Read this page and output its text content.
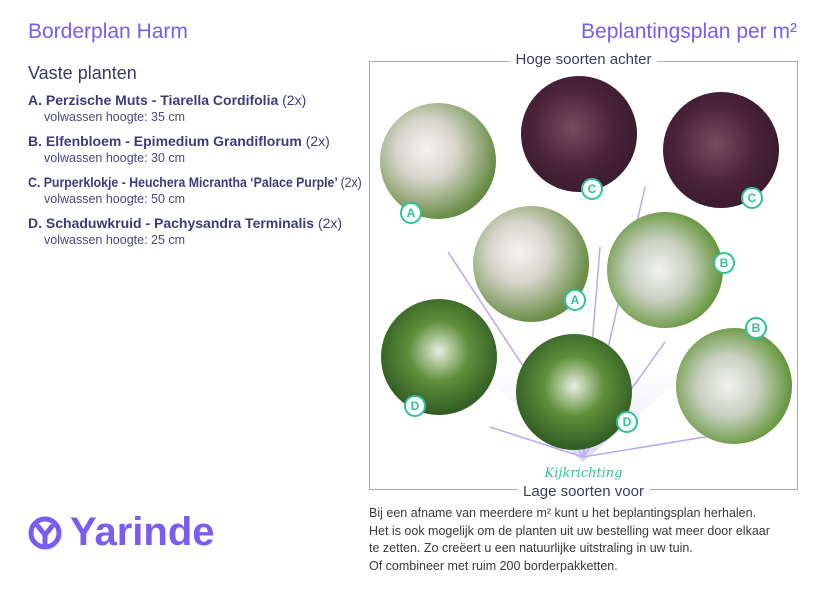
Borderplan Harm	Beplantingsplan per m²
Vaste planten
A. Perzische Muts - Tiarella Cordifolia (2x)
volwassen hoogte: 35 cm
B. Elfenbloem - Epimedium Grandiflorum (2x)
volwassen hoogte: 30 cm
C. Purperklokje - Heuchera Micrantha ‘Palace Purple’ (2x)
volwassen hoogte: 50 cm
D. Schaduwkruid - Pachysandra Terminalis (2x)
volwassen hoogte: 25 cm
A
C
C
A
B
D
D
B
Kijkrichting
Hoge soorten achter
Lage soorten voor
Bij een afname van meerdere m² kunt u het beplantingsplan herhalen.
Het is ook mogelijk om de planten uit uw bestelling wat meer door elkaar
te zetten. Zo creëert u een natuurlijke uitstraling in uw tuin.
Of combineer met ruim 200 borderpakketten.
Yarinde
